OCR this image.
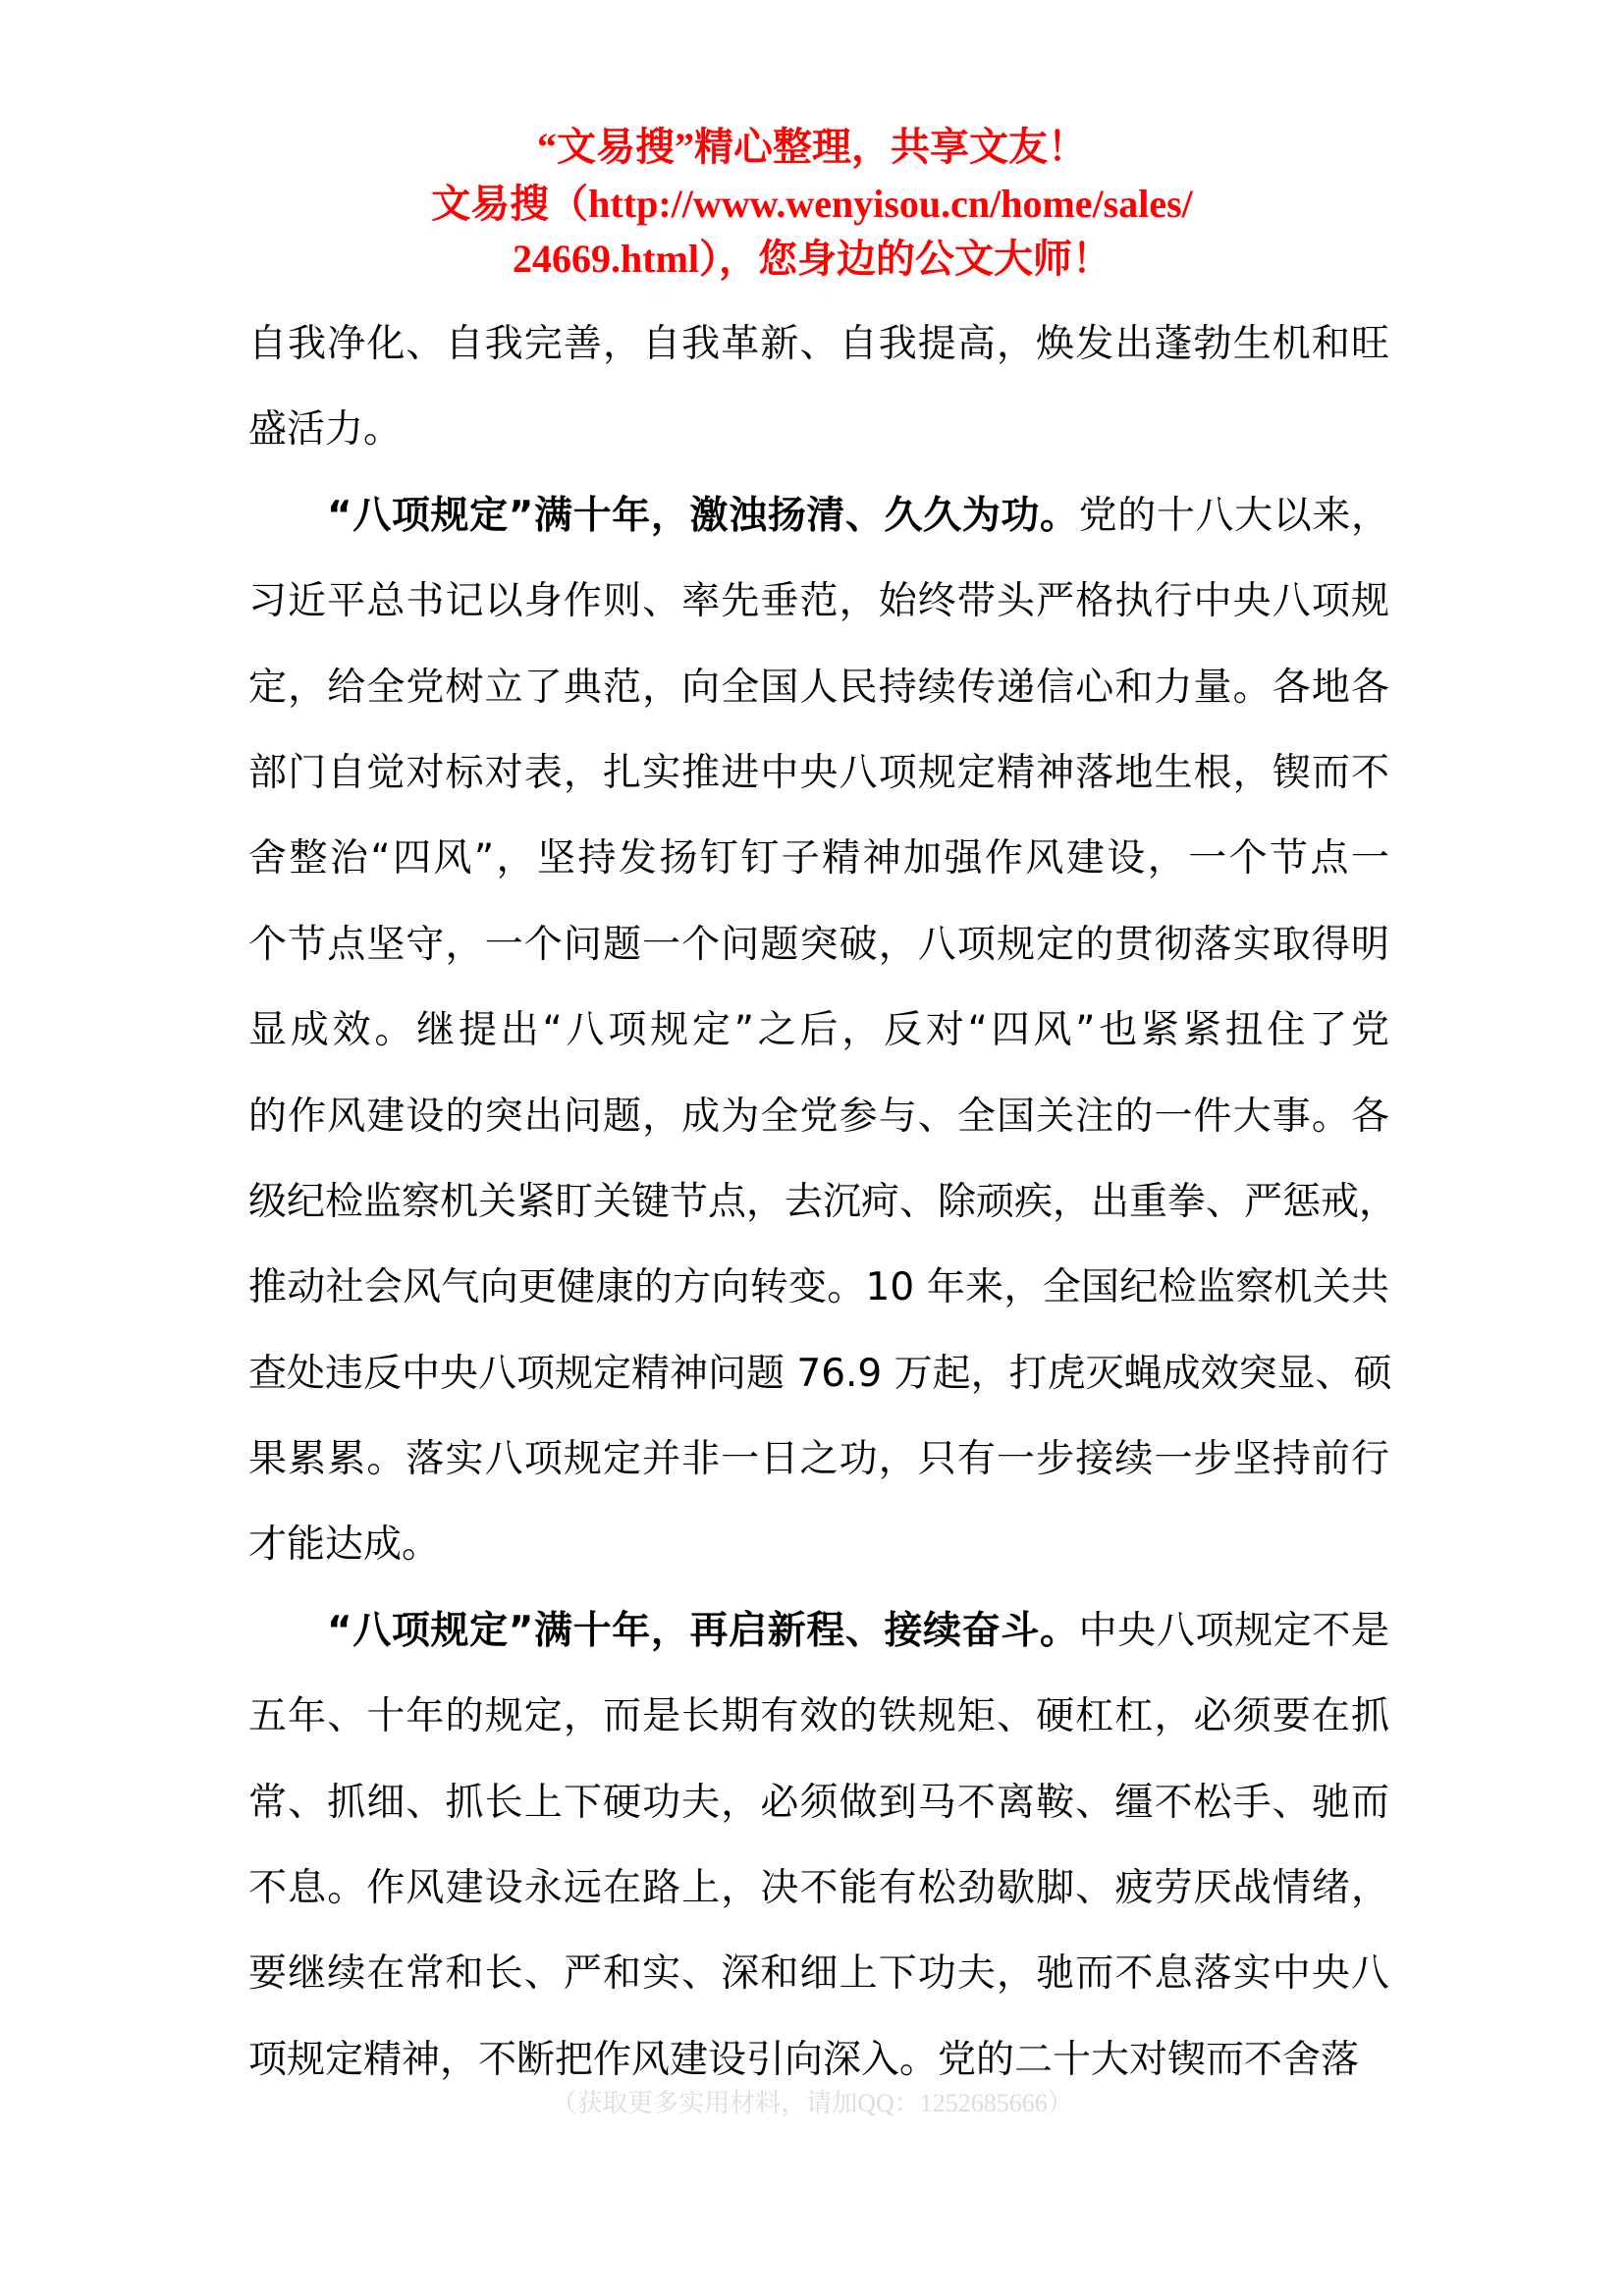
“文易搜”精心整理，共享文友！
文易搜（http://www.wenyisou.cn/home/sales/
24669.html），您身边的公文大师！
自我净化、自我完善，自我革新、自我提高，焕发出蓬勃生机和旺
盛活力。
“八项规定”满十年，激浊扬清、久久为功。党的十八大以来，
习近平总书记以身作则、率先垂范，始终带头严格执行中央八项规
定，给全党树立了典范，向全国人民持续传递信心和力量。各地各
部门自觉对标对表，扎实推进中央八项规定精神落地生根，锲而不
舍整治“四风”，坚持发扬钉钉子精神加强作风建设，一个节点一
个节点坚守，一个问题一个问题突破，八项规定的贯彻落实取得明
显成效。继提出“八项规定”之后，反对“四风”也紧紧扭住了党
的作风建设的突出问题，成为全党参与、全国关注的一件大事。各
级纪检监察机关紧盯关键节点，去沉疴、除顽疾，出重拳、严惩戒，
推动社会风气向更健康的方向转变。10 年来，全国纪检监察机关共
查处违反中央八项规定精神问题 76.9 万起，打虎灭蝇成效突显、硕
果累累。落实八项规定并非一日之功，只有一步接续一步坚持前行
才能达成。
“八项规定”满十年，再启新程、接续奋斗。中央八项规定不是
五年、十年的规定，而是长期有效的铁规矩、硬杠杠，必须要在抓
常、抓细、抓长上下硬功夫，必须做到马不离鞍、缰不松手、驰而
不息。作风建设永远在路上，决不能有松劲歇脚、疲劳厌战情绪，
要继续在常和长、严和实、深和细上下功夫，驰而不息落实中央八
项规定精神，不断把作风建设引向深入。党的二十大对锲而不舍落
（获取更多实用材料，请加QQ：1252685666）
